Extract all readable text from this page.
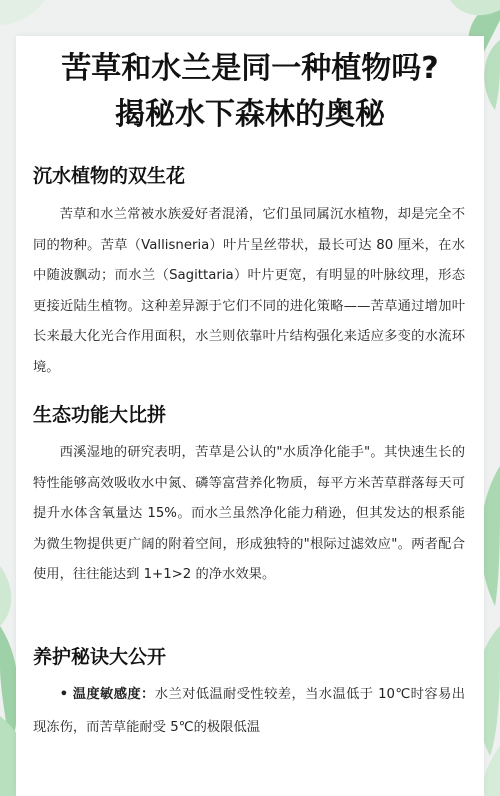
苦草和水兰是同一种植物吗?
揭秘水下森林的奥秘
沉水植物的双生花

苦草和水兰常被水族爱好者混淆，它们虽同属沉水植物，却是完全不同的物种。苦草（Vallisneria）叶片呈丝带状，最长可达 80 厘米，在水中随波飘动；而水兰（Sagittaria）叶片更宽，有明显的叶脉纹理，形态更接近陆生植物。这种差异源于它们不同的进化策略——苦草通过增加叶长来最大化光合作用面积，水兰则依靠叶片结构强化来适应多变的水流环境。

生态功能大比拼

西溪湿地的研究表明，苦草是公认的"水质净化能手"。其快速生长的特性能够高效吸收水中氮、磷等富营养化物质，每平方米苦草群落每天可提升水体含氧量达 15%。而水兰虽然净化能力稍逊，但其发达的根系能为微生物提供更广阔的附着空间，形成独特的"根际过滤效应"。两者配合使用，往往能达到 1+1>2 的净水效果。

养护秘诀大公开

• 温度敏感度：水兰对低温耐受性较差，当水温低于 10℃时容易出现冻伤，而苦草能耐受 5℃的极限低温
